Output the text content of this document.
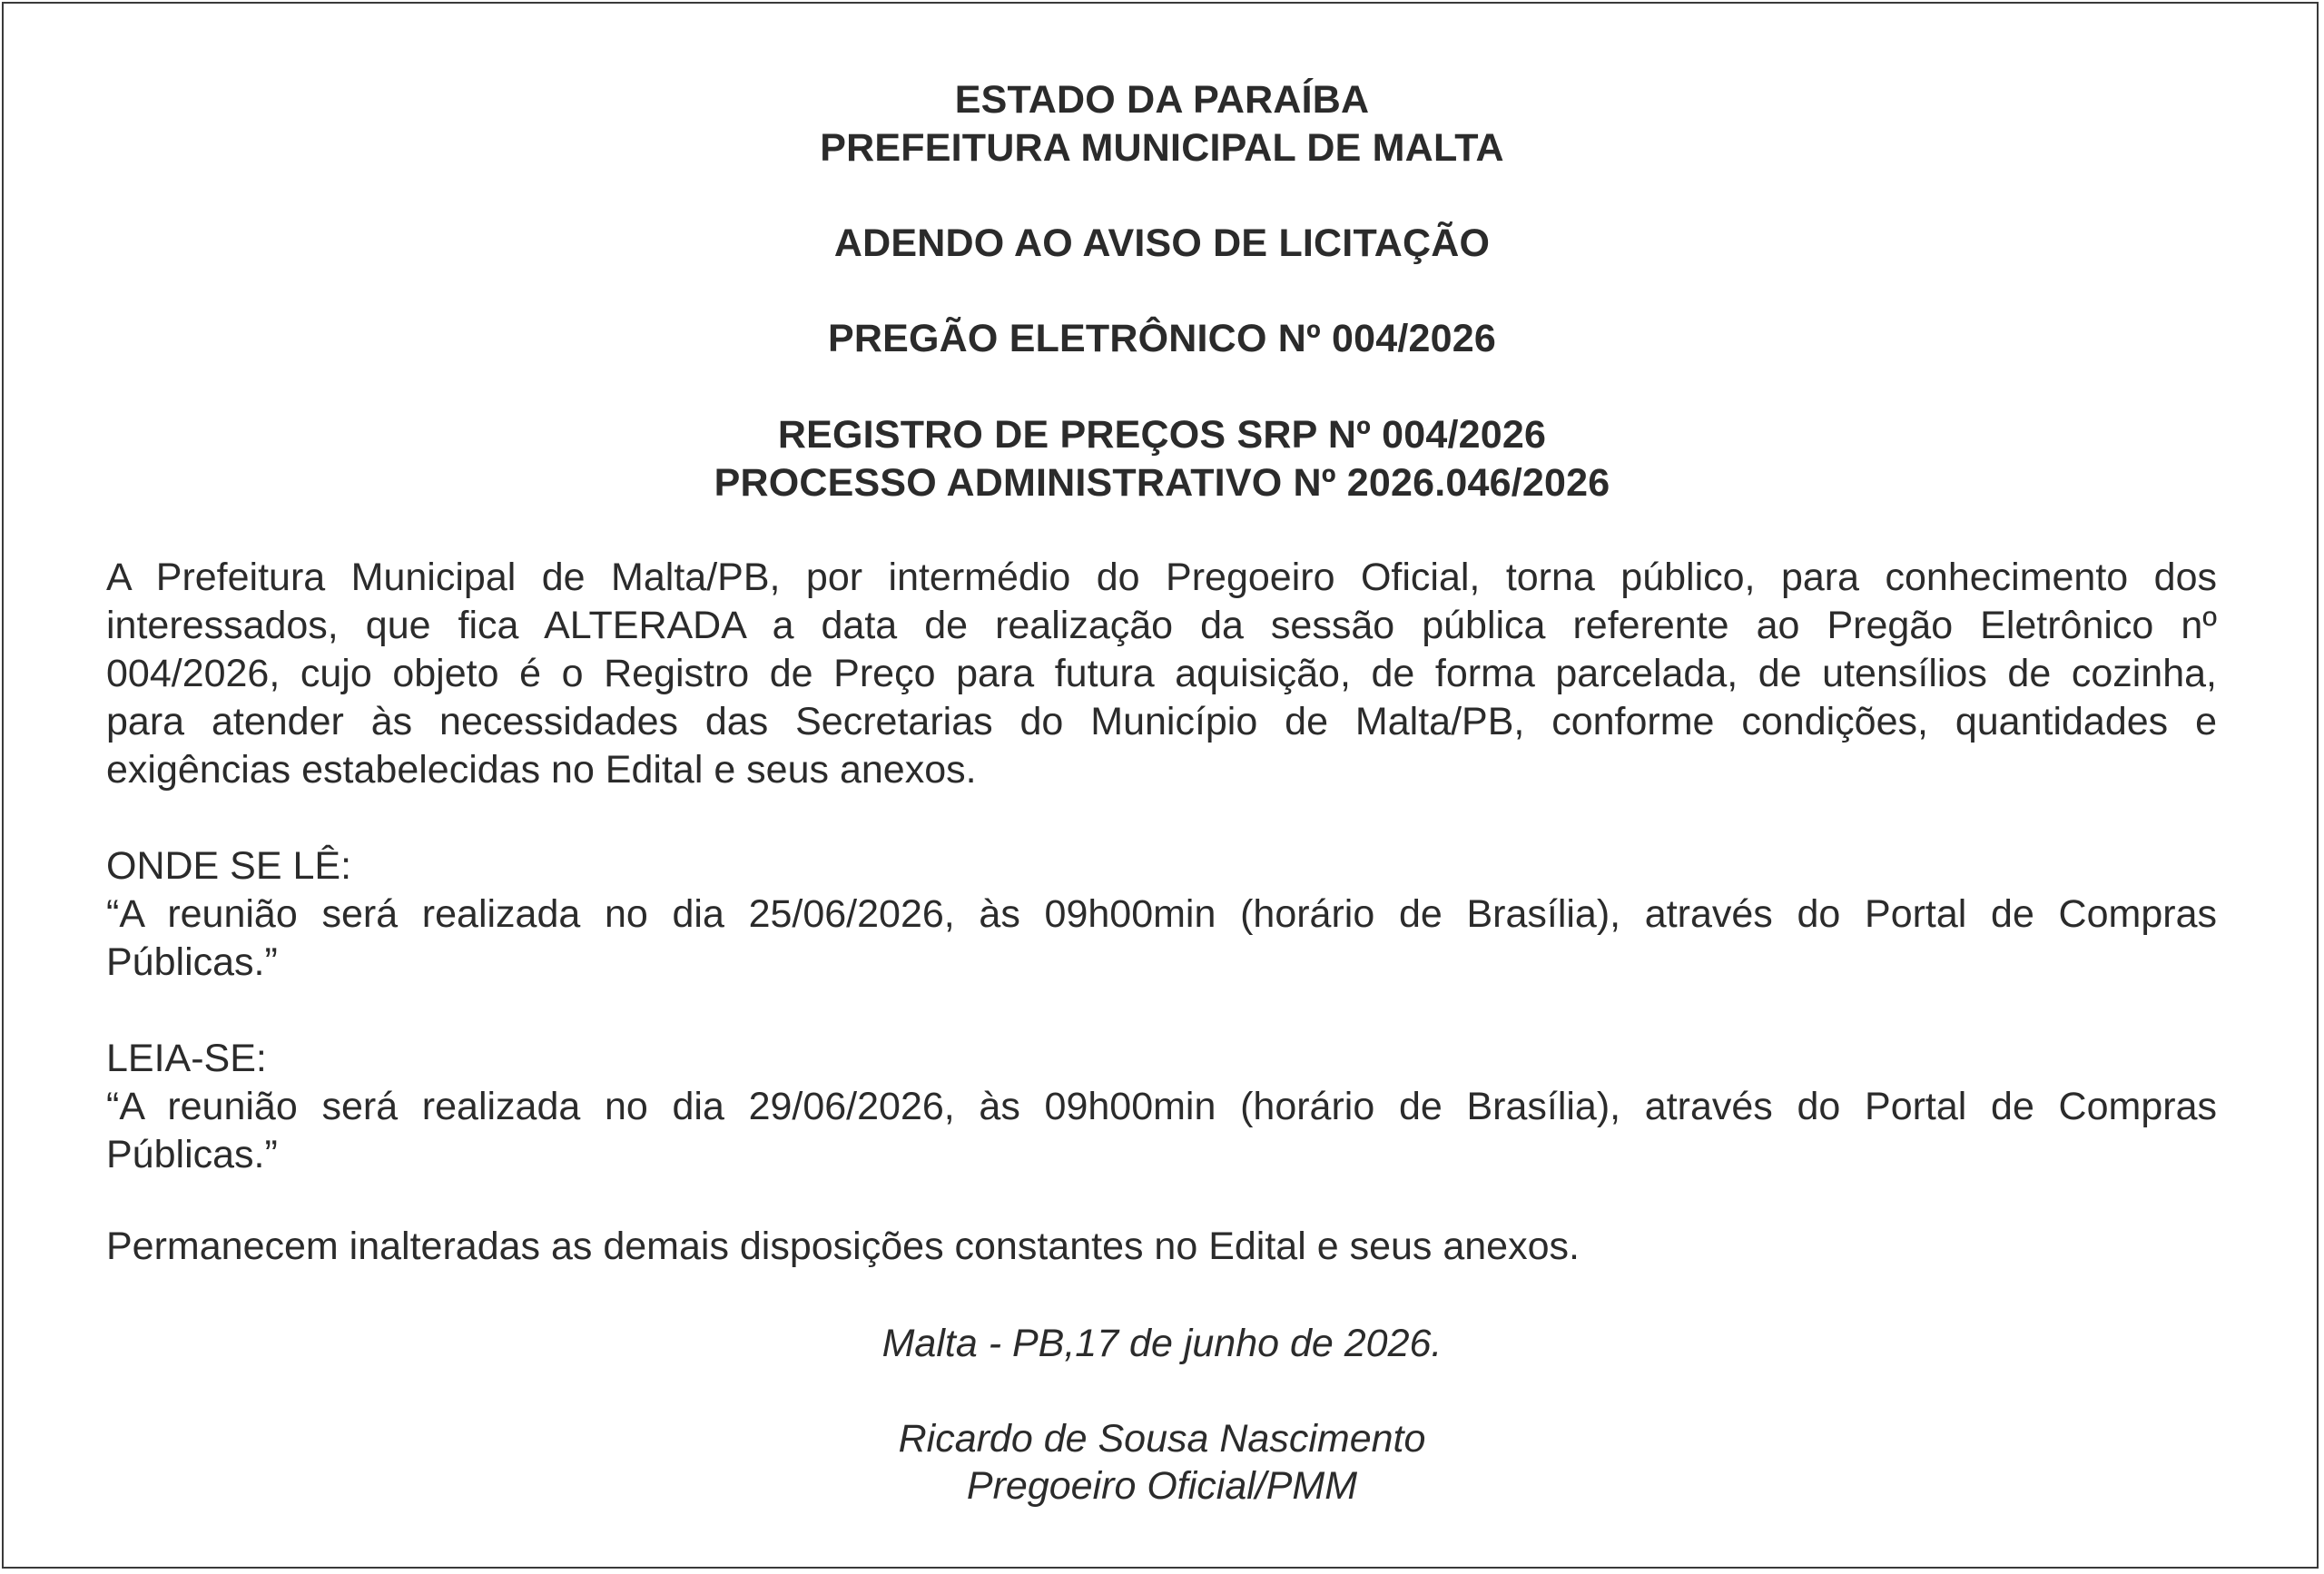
ESTADO DA PARAÍBA
PREFEITURA MUNICIPAL DE MALTA
ADENDO AO AVISO DE LICITAÇÃO
PREGÃO ELETRÔNICO Nº 004/2026
REGISTRO DE PREÇOS SRP Nº 004/2026
PROCESSO ADMINISTRATIVO Nº 2026.046/2026
A Prefeitura Municipal de Malta/PB, por intermédio do Pregoeiro Oficial, torna público, para conhecimento dos
interessados, que fica ALTERADA a data de realização da sessão pública referente ao Pregão Eletrônico nº
004/2026, cujo objeto é o Registro de Preço para futura aquisição, de forma parcelada, de utensílios de cozinha,
para atender às necessidades das Secretarias do Município de Malta/PB, conforme condições, quantidades e
exigências estabelecidas no Edital e seus anexos.
ONDE SE LÊ:
“A reunião será realizada no dia 25/06/2026, às 09h00min (horário de Brasília), através do Portal de Compras
Públicas.”
LEIA-SE:
“A reunião será realizada no dia 29/06/2026, às 09h00min (horário de Brasília), através do Portal de Compras
Públicas.”
Permanecem inalteradas as demais disposições constantes no Edital e seus anexos.
Malta - PB,17 de junho de 2026.
Ricardo de Sousa Nascimento
Pregoeiro Oficial/PMM
